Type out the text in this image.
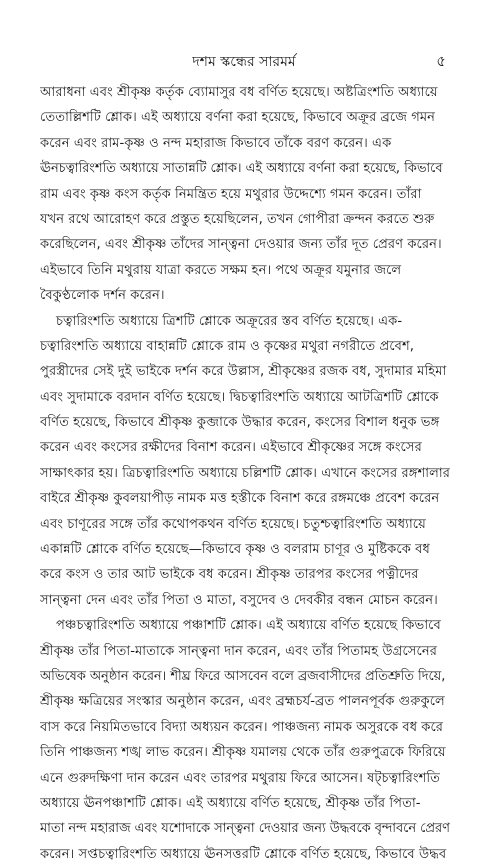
দশম স্কন্ধের সারমর্ম	৫
আরাধনা এবং শ্রীকৃষ্ণ কর্তৃক ব্যোমাসুর বধ বর্ণিত হয়েছে। অষ্টত্রিংশতি অধ্যায়ে
তেতাল্লিশটি শ্লোক। এই অধ্যায়ে বর্ণনা করা হয়েছে, কিভাবে অক্রূর ব্রজে গমন
করেন এবং রাম-কৃষ্ণ ও নন্দ মহারাজ কিভাবে তাঁকে বরণ করেন। এক
ঊনচত্বারিংশতি অধ্যায়ে সাতান্নটি শ্লোক। এই অধ্যায়ে বর্ণনা করা হয়েছে, কিভাবে
রাম এবং কৃষ্ণ কংস কর্তৃক নিমন্ত্রিত হয়ে মথুরার উদ্দেশ্যে গমন করেন। তাঁরা
যখন রথে আরোহণ করে প্রস্তুত হয়েছিলেন, তখন গোপীরা ক্রন্দন করতে শুরু
করেছিলেন, এবং শ্রীকৃষ্ণ তাঁদের সান্ত্বনা দেওয়ার জন্য তাঁর দূত প্রেরণ করেন।
এইভাবে তিনি মথুরায় যাত্রা করতে সক্ষম হন। পথে অক্রূর যমুনার জলে
বৈকুণ্ঠলোক দর্শন করেন।
চত্বারিংশতি অধ্যায়ে ত্রিশটি শ্লোকে অক্রূরের স্তব বর্ণিত হয়েছে। এক-
চত্বারিংশতি অধ্যায়ে বাহান্নটি শ্লোকে রাম ও কৃষ্ণের মথুরা নগরীতে প্রবেশ,
পুরস্ত্রীদের সেই দুই ভাইকে দর্শন করে উল্লাস, শ্রীকৃষ্ণের রজক বধ, সুদামার মহিমা
এবং সুদামাকে বরদান বর্ণিত হয়েছে। দ্বিচত্বারিংশতি অধ্যায়ে আটত্রিশটি শ্লোকে
বর্ণিত হয়েছে, কিভাবে শ্রীকৃষ্ণ কুব্জাকে উদ্ধার করেন, কংসের বিশাল ধনুক ভঙ্গ
করেন এবং কংসের রক্ষীদের বিনাশ করেন। এইভাবে শ্রীকৃষ্ণের সঙ্গে কংসের
সাক্ষাৎকার হয়। ত্রিচত্বারিংশতি অধ্যায়ে চল্লিশটি শ্লোক। এখানে কংসের রঙ্গশালার
বাইরে শ্রীকৃষ্ণ কুবলয়াপীড় নামক মত্ত হস্তীকে বিনাশ করে রঙ্গমঞ্চে প্রবেশ করেন
এবং চাণূরের সঙ্গে তাঁর কথোপকথন বর্ণিত হয়েছে। চতুশ্চত্বারিংশতি অধ্যায়ে
একান্নটি শ্লোকে বর্ণিত হয়েছে—কিভাবে কৃষ্ণ ও বলরাম চাণূর ও মুষ্টিককে বধ
করে কংস ও তার আট ভাইকে বধ করেন। শ্রীকৃষ্ণ তারপর কংসের পত্নীদের
সান্ত্বনা দেন এবং তাঁর পিতা ও মাতা, বসুদেব ও দেবকীর বন্ধন মোচন করেন।
পঞ্চচত্বারিংশতি অধ্যায়ে পঞ্চাশটি শ্লোক। এই অধ্যায়ে বর্ণিত হয়েছে কিভাবে
শ্রীকৃষ্ণ তাঁর পিতা-মাতাকে সান্ত্বনা দান করেন, এবং তাঁর পিতামহ উগ্রসেনের
অভিষেক অনুষ্ঠান করেন। শীঘ্র ফিরে আসবেন বলে ব্রজবাসীদের প্রতিশ্রুতি দিয়ে,
শ্রীকৃষ্ণ ক্ষত্রিয়ের সংস্কার অনুষ্ঠান করেন, এবং ব্রহ্মচর্য-ব্রত পালনপূর্বক গুরুকুলে
বাস করে নিয়মিতভাবে বিদ্যা অধ্যয়ন করেন। পাঞ্চজন্য নামক অসুরকে বধ করে
তিনি পাঞ্চজন্য শঙ্খ লাভ করেন। শ্রীকৃষ্ণ যমালয় থেকে তাঁর গুরুপুত্রকে ফিরিয়ে
এনে গুরুদক্ষিণা দান করেন এবং তারপর মথুরায় ফিরে আসেন। ষট্চত্বারিংশতি
অধ্যায়ে ঊনপঞ্চাশটি শ্লোক। এই অধ্যায়ে বর্ণিত হয়েছে, শ্রীকৃষ্ণ তাঁর পিতা-
মাতা নন্দ মহারাজ এবং যশোদাকে সান্ত্বনা দেওয়ার জন্য উদ্ধবকে বৃন্দাবনে প্রেরণ
করেন। সপ্তচত্বারিংশতি অধ্যায়ে ঊনসত্তরটি শ্লোকে বর্ণিত হয়েছে, কিভাবে উদ্ধব
